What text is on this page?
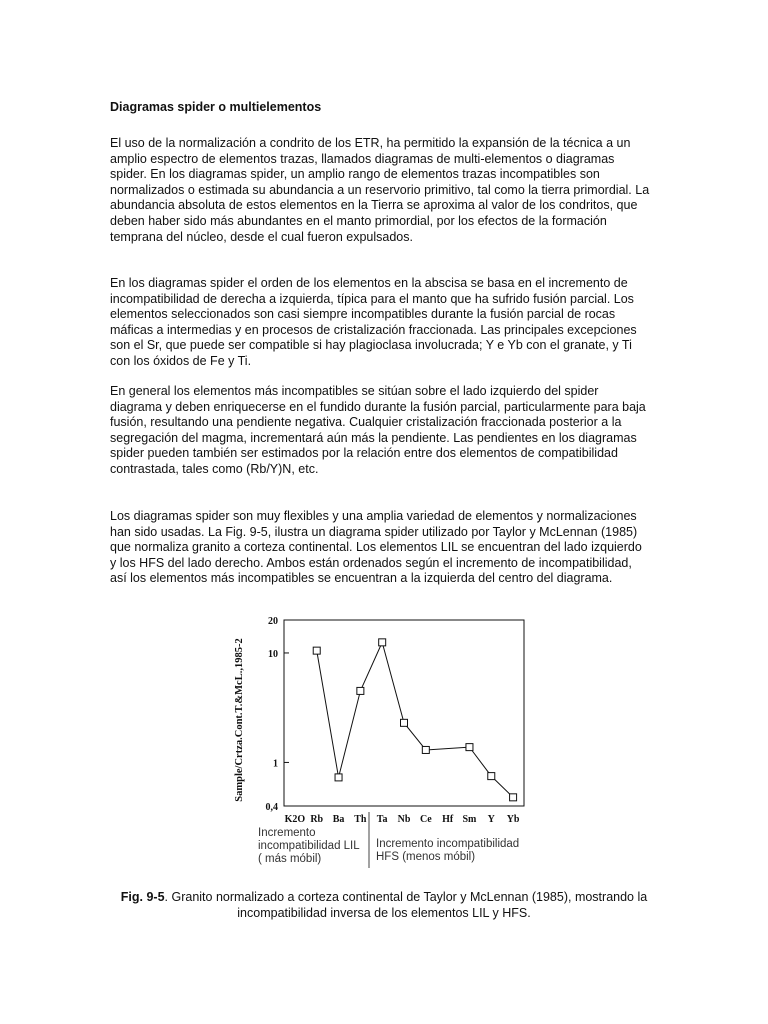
Diagramas spider o multielementos

El uso de la normalización a condrito de los ETR, ha permitido la expansión de la técnica a un amplio espectro de elementos trazas, llamados diagramas de multi-elementos o diagramas spider. En los diagramas spider, un amplio rango de elementos trazas incompatibles son normalizados o estimada su abundancia a un reservorio primitivo, tal como la tierra primordial. La abundancia absoluta de estos elementos en la Tierra se aproxima al valor de los condritos, que deben haber sido más abundantes en el manto primordial, por los efectos de la formación temprana del núcleo, desde el cual fueron expulsados.

En los diagramas spider el orden de los elementos en la abscisa se basa en el incremento de incompatibilidad de derecha a izquierda, típica para el manto que ha sufrido fusión parcial. Los elementos seleccionados son casi siempre incompatibles durante la fusión parcial de rocas máficas a intermedias y en procesos de cristalización fraccionada. Las principales excepciones son el Sr, que puede ser compatible si hay plagioclasa involucrada; Y e Yb con el granate, y Ti con los óxidos de Fe y Ti.

En general los elementos más incompatibles se sitúan sobre el lado izquierdo del spider diagrama y deben enriquecerse en el fundido durante la fusión parcial, particularmente para baja fusión, resultando una pendiente negativa. Cualquier cristalización fraccionada posterior a la segregación del magma, incrementará aún más la pendiente. Las pendientes en los diagramas spider pueden también ser estimados por la relación entre dos elementos de compatibilidad contrastada, tales como (Rb/Y)N, etc.

Los diagramas spider son muy flexibles y una amplia variedad de elementos y normalizaciones han sido usadas. La Fig. 9-5, ilustra un diagrama spider utilizado por Taylor y McLennan (1985) que normaliza granito a corteza continental. Los elementos LIL se encuentran del lado izquierdo y los HFS del lado derecho. Ambos están ordenados según el incremento de incompatibilidad, así los elementos más incompatibles se encuentran a la izquierda del centro del diagrama.

Sample/Crtza.Cont.T.&McL.,1985-2
20
10
1
0,4
K2O Rb Ba Th Ta Nb Ce Hf Sm Y Yb
Incremento incompatibilidad LIL ( más móbil)
Incremento incompatibilidad HFS (menos móbil)

Fig. 9-5. Granito normalizado a corteza continental de Taylor y McLennan (1985), mostrando la incompatibilidad inversa de los elementos LIL y HFS.
